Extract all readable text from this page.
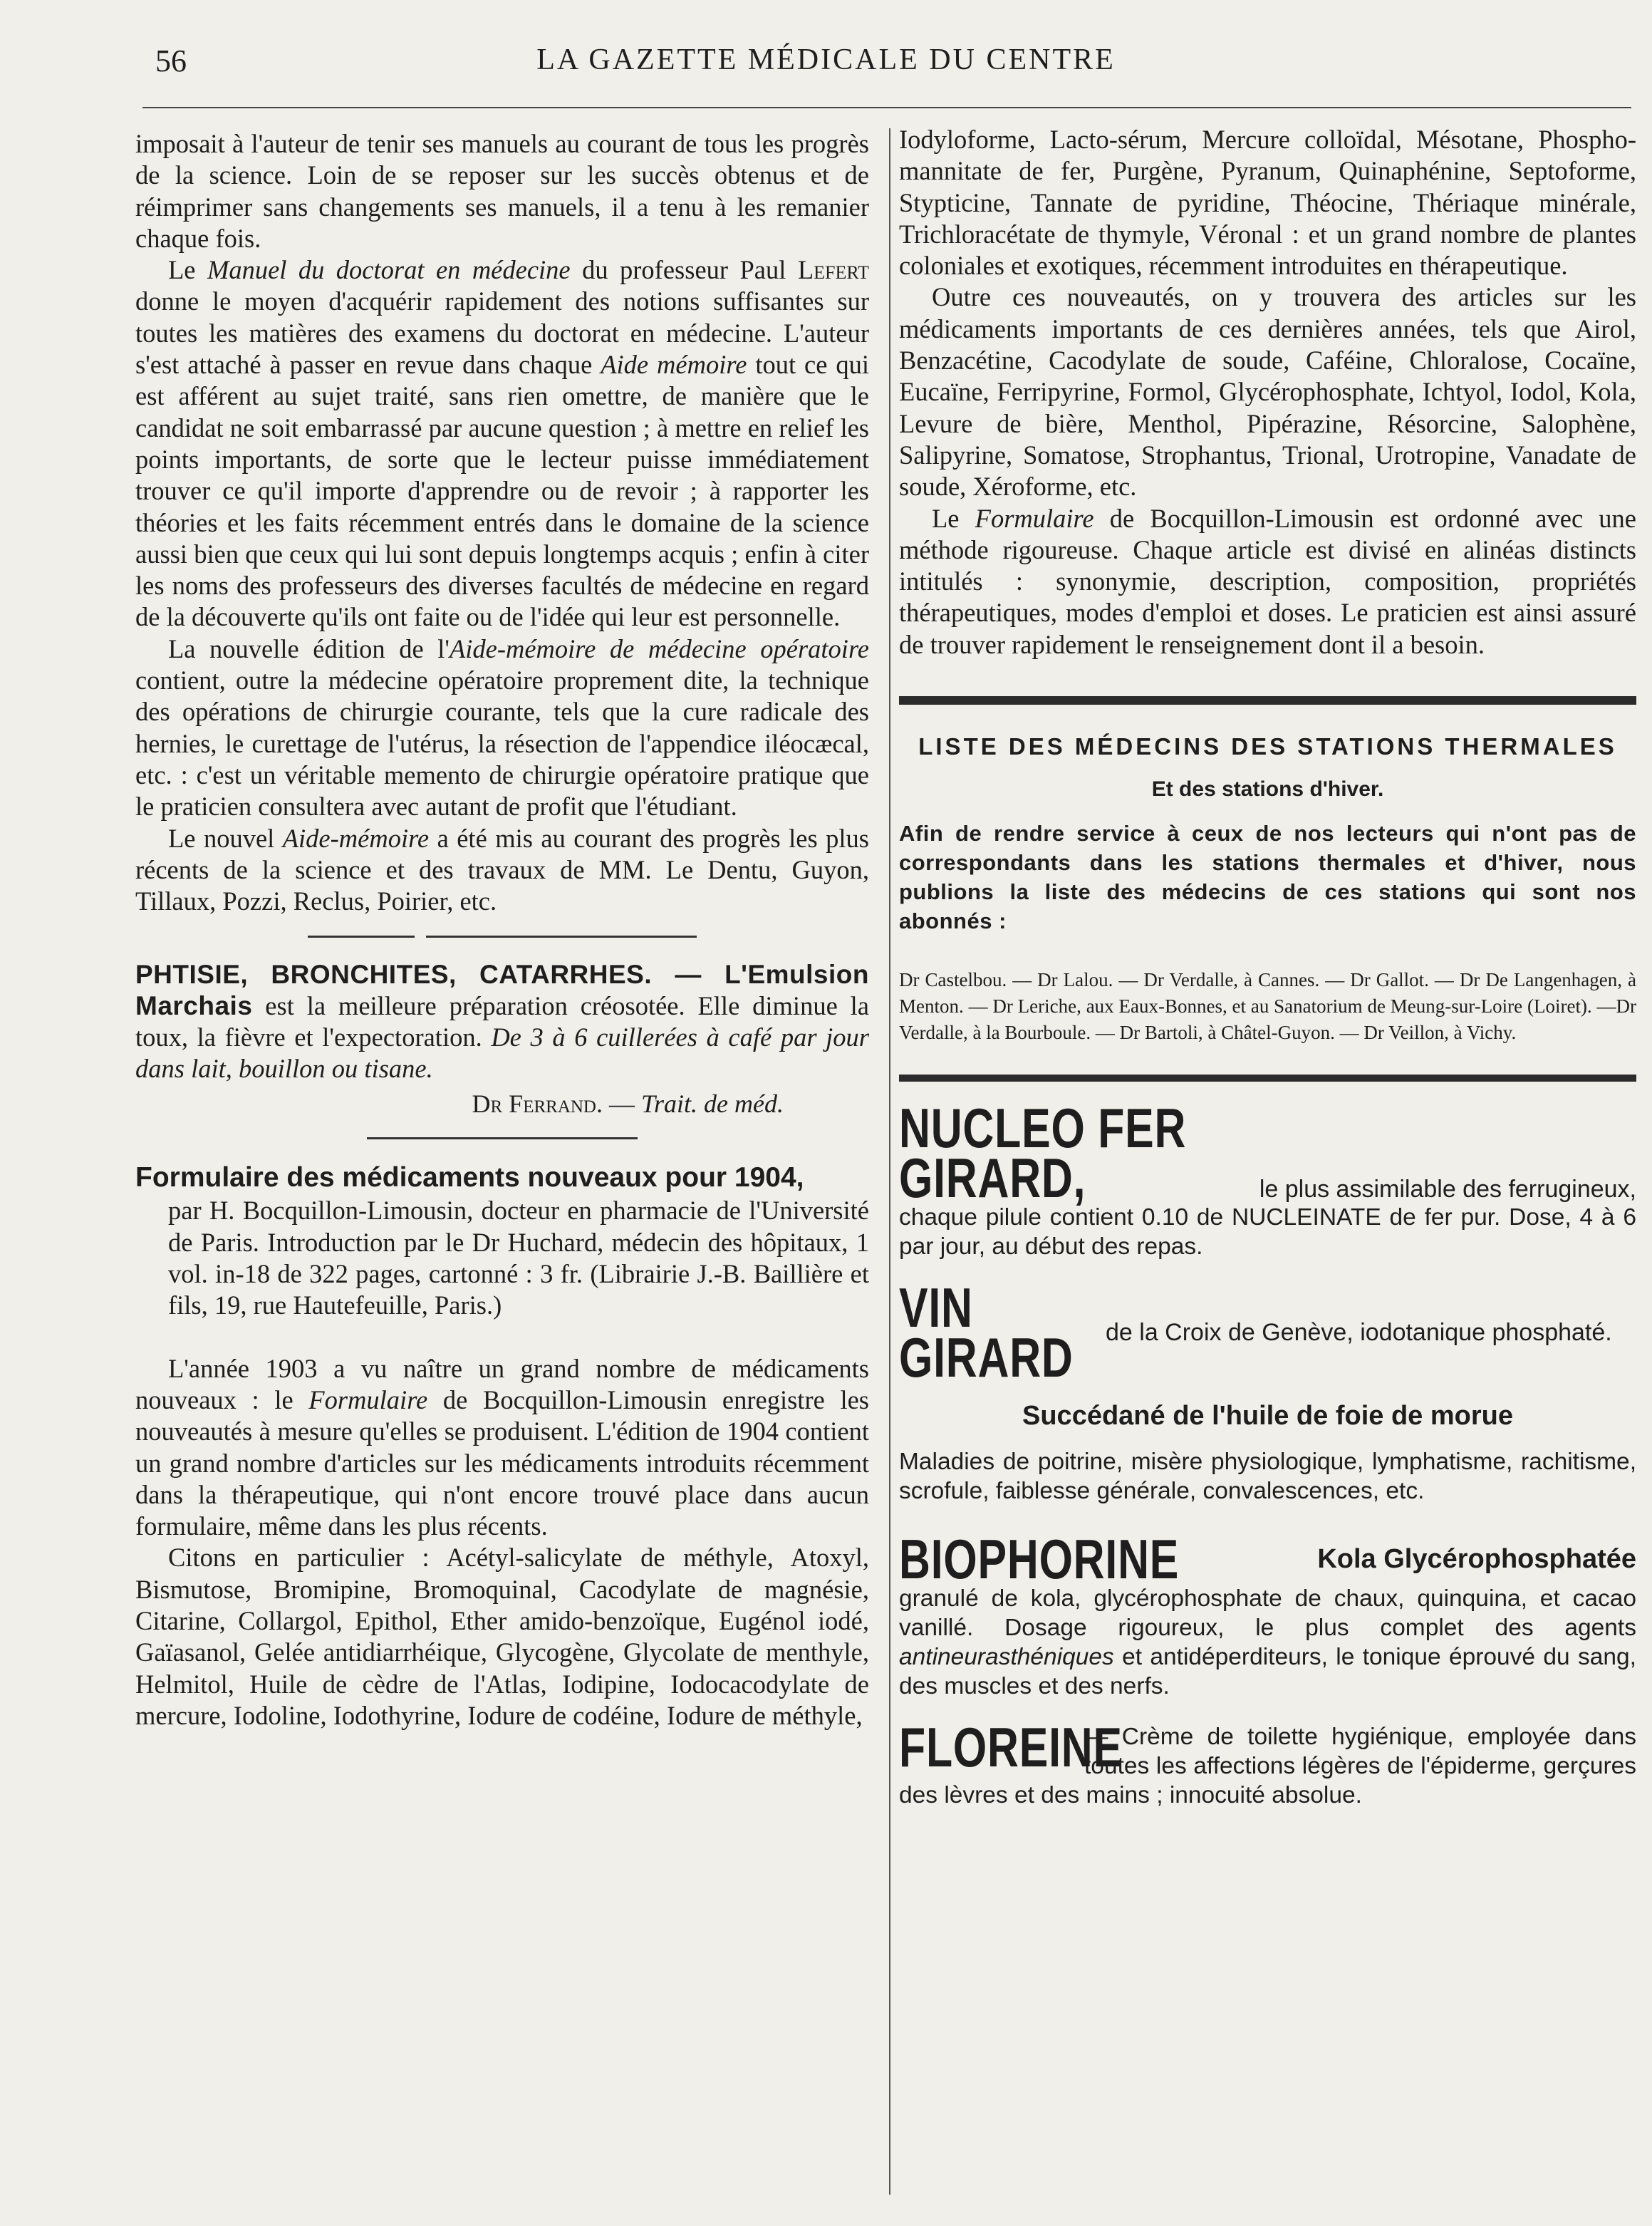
56	LA GAZETTE MÉDICALE DU CENTRE

imposait à l'auteur de tenir ses manuels au courant de tous les progrès de la science. Loin de se reposer sur les succès obtenus et de réimprimer sans changements ses manuels, il a tenu à les remanier chaque fois.

Le Manuel du doctorat en médecine du professeur Paul Lefert donne le moyen d'acquérir rapidement des notions suffisantes sur toutes les matières des examens du doctorat en médecine. L'auteur s'est attaché à passer en revue dans chaque Aide mémoire tout ce qui est afférent au sujet traité, sans rien omettre, de manière que le candidat ne soit embarrassé par aucune question ; à mettre en relief les points importants, de sorte que le lecteur puisse immédiatement trouver ce qu'il importe d'apprendre ou de revoir ; à rapporter les théories et les faits récemment entrés dans le domaine de la science aussi bien que ceux qui lui sont depuis longtemps acquis ; enfin à citer les noms des professeurs des diverses facultés de médecine en regard de la découverte qu'ils ont faite ou de l'idée qui leur est personnelle.

La nouvelle édition de l'Aide-mémoire de médecine opératoire contient, outre la médecine opératoire proprement dite, la technique des opérations de chirurgie courante, tels que la cure radicale des hernies, le curettage de l'utérus, la résection de l'appendice iléocæcal, etc. : c'est un véritable memento de chirurgie opératoire pratique que le praticien consultera avec autant de profit que l'étudiant.

Le nouvel Aide-mémoire a été mis au courant des progrès les plus récents de la science et des travaux de MM. Le Dentu, Guyon, Tillaux, Pozzi, Reclus, Poirier, etc.

PHTISIE, BRONCHITES, CATARRHES. — L'Emulsion Marchais est la meilleure préparation créosotée. Elle diminue la toux, la fièvre et l'expectoration. De 3 à 6 cuillerées à café par jour dans lait, bouillon ou tisane.
Dr Ferrand. — Trait. de méd.
Formulaire des médicaments nouveaux pour 1904,
par H. Bocquillon-Limousin, docteur en pharmacie de l'Université de Paris. Introduction par le Dr Huchard, médecin des hôpitaux, 1 vol. in-18 de 322 pages, cartonné : 3 fr. (Librairie J.-B. Baillière et fils, 19, rue Hautefeuille, Paris.)

L'année 1903 a vu naître un grand nombre de médicaments nouveaux : le Formulaire de Bocquillon-Limousin enregistre les nouveautés à mesure qu'elles se produisent. L'édition de 1904 contient un grand nombre d'articles sur les médicaments introduits récemment dans la thérapeutique, qui n'ont encore trouvé place dans aucun formulaire, même dans les plus récents.

Citons en particulier : Acétyl-salicylate de méthyle, Atoxyl, Bismutose, Bromipine, Bromoquinal, Cacodylate de magnésie, Citarine, Collargol, Epithol, Ether amido-benzoïque, Eugénol iodé, Gaïasanol, Gelée antidiarrhéique, Glycogène, Glycolate de menthyle, Helmitol, Huile de cèdre de l'Atlas, Iodipine, Iodocacodylate de mercure, Iodoline, Iodothyrine, Iodure de codéine, Iodure de méthyle,

Iodyloforme, Lacto-sérum, Mercure colloïdal, Mésotane, Phospho-mannitate de fer, Purgène, Pyranum, Quinaphénine, Septoforme, Stypticine, Tannate de pyridine, Théocine, Thériaque minérale, Trichloracétate de thymyle, Véronal : et un grand nombre de plantes coloniales et exotiques, récemment introduites en thérapeutique.

Outre ces nouveautés, on y trouvera des articles sur les médicaments importants de ces dernières années, tels que Airol, Benzacétine, Cacodylate de soude, Caféine, Chloralose, Cocaïne, Eucaïne, Ferripyrine, Formol, Glycérophosphate, Ichtyol, Iodol, Kola, Levure de bière, Menthol, Pipérazine, Résorcine, Salophène, Salipyrine, Somatose, Strophantus, Trional, Urotropine, Vanadate de soude, Xéroforme, etc.

Le Formulaire de Bocquillon-Limousin est ordonné avec une méthode rigoureuse. Chaque article est divisé en alinéas distincts intitulés : synonymie, description, composition, propriétés thérapeutiques, modes d'emploi et doses. Le praticien est ainsi assuré de trouver rapidement le renseignement dont il a besoin.

LISTE DES MÉDECINS DES STATIONS THERMALES
Et des stations d'hiver.
Afin de rendre service à ceux de nos lecteurs qui n'ont pas de correspondants dans les stations thermales et d'hiver, nous publions la liste des médecins de ces stations qui sont nos abonnés :
Dr Castelbou. — Dr Lalou. — Dr Verdalle, à Cannes. — Dr Gallot. — Dr De Langenhagen, à Menton. — Dr Leriche, aux Eaux-Bonnes, et au Sanatorium de Meung-sur-Loire (Loiret). —Dr Verdalle, à la Bourboule. — Dr Bartoli, à Châtel-Guyon. — Dr Veillon, à Vichy.
NUCLEO FER GIRARD,	le plus assimilable des ferrugineux,
chaque pilule contient 0.10 de NUCLEINATE de fer pur. Dose, 4 à 6 par jour, au début des repas.
VIN GIRARD	de la Croix de Genève, iodotanique phosphaté.
Succédané de l'huile de foie de morue
Maladies de poitrine, misère physiologique, lymphatisme, rachitisme, scrofule, faiblesse générale, convalescences, etc.
BIOPHORINE	Kola Glycérophosphatée
granulé de kola, glycérophosphate de chaux, quinquina, et cacao vanillé. Dosage rigoureux, le plus complet des agents antineurasthéniques et antidéperditeurs, le tonique éprouvé du sang, des muscles et des nerfs.
FLOREINE
— Crème de toilette hygiénique, employée dans toutes les affections légères de l'épiderme, gerçures des lèvres et des mains ; innocuité absolue.
